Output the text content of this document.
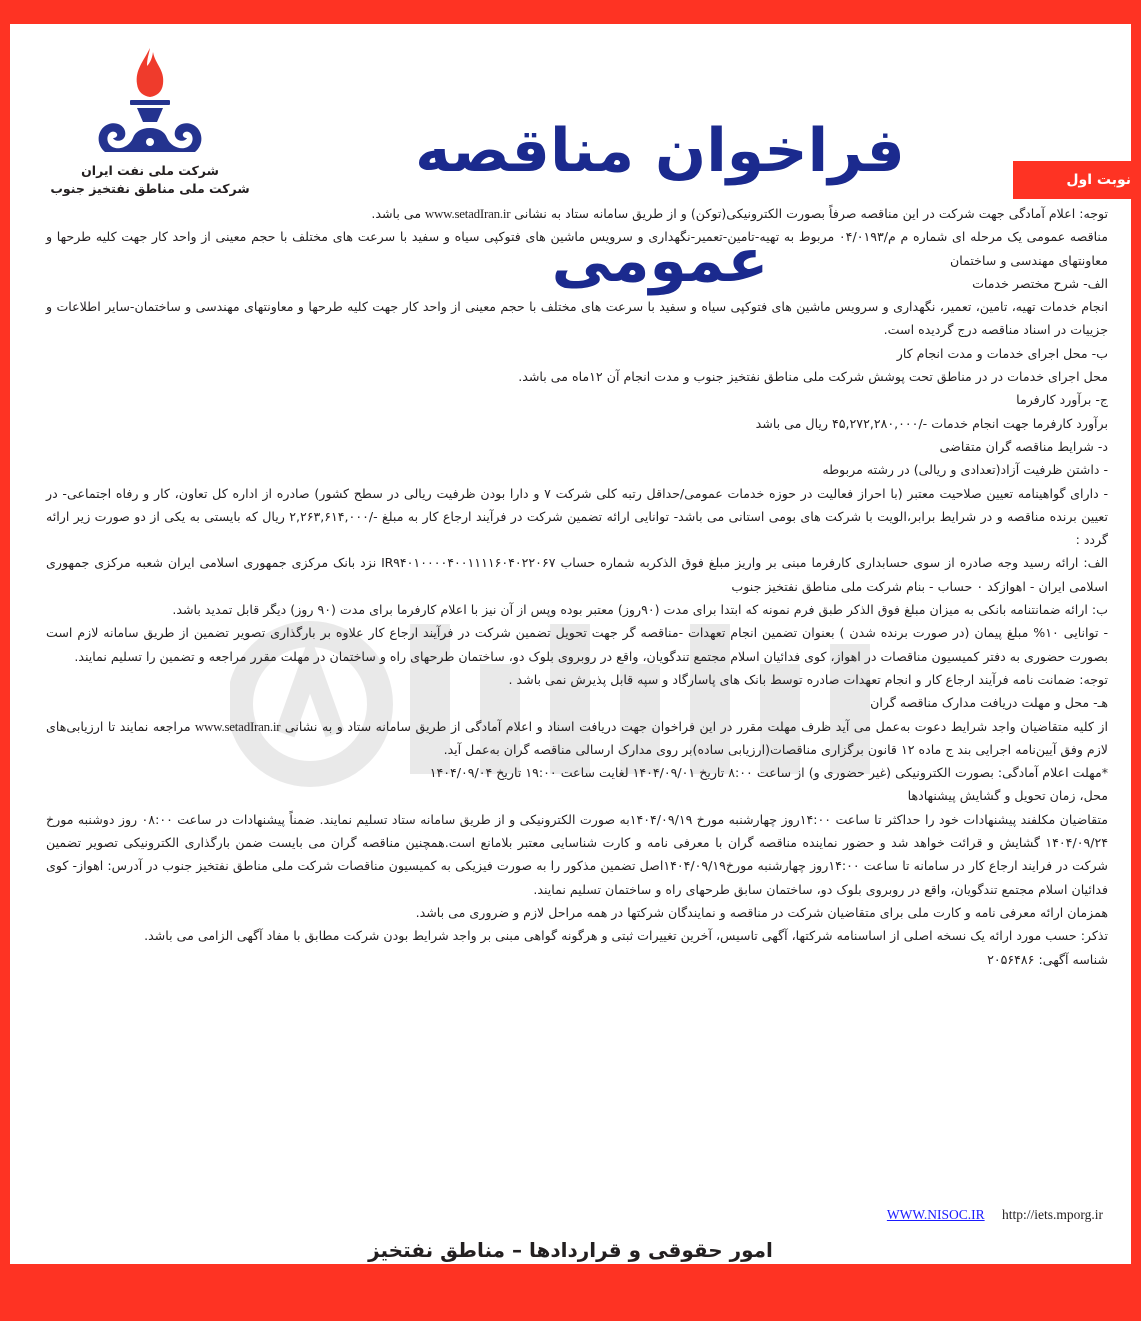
شرکت ملی نفت ایران
شرکت ملی مناطق نفتخیز جنوب
فراخوان مناقصه عمومی
نوبت اول

توجه: اعلام آمادگی جهت شرکت در این مناقصه صرفاً بصورت الکترونیکی(توکن) و از طریق سامانه ستاد به نشانی www.setadIran.ir می باشد.

مناقصه عمومی یک مرحله ای شماره م م/۰۴/۰۱۹۳ مربوط به تهیه-تامین-تعمیر-نگهداری و سرویس ماشین های فتوکپی سیاه و سفید با سرعت های مختلف با حجم معینی از واحد کار جهت کلیه طرحها و معاونتهای مهندسی و ساختمان

الف- شرح مختصر خدمات

انجام خدمات تهیه، تامین، تعمیر، نگهداری و سرویس ماشین های فتوکپی سیاه و سفید با سرعت های مختلف با حجم معینی از واحد کار جهت کلیه طرحها و معاونتهای مهندسی و ساختمان-سایر اطلاعات و جزییات در اسناد مناقصه درج گردیده است.

ب- محل اجرای خدمات و مدت انجام کار

محل اجرای خدمات در در مناطق تحت پوشش شرکت ملی مناطق نفتخیز جنوب و مدت انجام آن ۱۲ماه می باشد.

ج- برآورد کارفرما

برآورد کارفرما جهت انجام خدمات -/۴۵,۲۷۲,۲۸۰,۰۰۰ ریال می باشد

د- شرایط مناقصه گران متقاضی

- داشتن ظرفیت آزاد(تعدادی و ریالی) در رشته مربوطه

- دارای گواهینامه تعیین صلاحیت معتبر (با احراز فعالیت در حوزه خدمات عمومی/حداقل رتبه کلی شرکت ۷ و دارا بودن ظرفیت ریالی در سطح کشور) صادره از اداره کل تعاون، کار و رفاه اجتماعی- در تعیین برنده مناقصه و در شرایط برابر،الویت با شرکت های بومی استانی می باشد- توانایی ارائه تضمین شرکت در فرآیند ارجاع کار به مبلغ -/۲,۲۶۳,۶۱۴,۰۰۰ ریال که بایستی به یکی از دو صورت زیر ارائه گردد :

الف: ارائه رسید وجه صادره از سوی حسابداری کارفرما مبنی بر واریز مبلغ فوق الذکربه شماره حساب IR۹۴۰۱۰۰۰۰۴۰۰۱۱۱۱۶۰۴۰۲۲۰۶۷ نزد بانک مرکزی جمهوری اسلامی ایران شعبه مرکزی جمهوری اسلامی ایران - اهوازکد ۰ حساب - بنام شرکت ملی مناطق نفتخیز جنوب

ب: ارائه ضمانتنامه بانکی به میزان مبلغ فوق الذکر طبق فرم نمونه که ابتدا برای مدت (۹۰روز) معتبر بوده وپس از آن نیز با اعلام کارفرما برای مدت (۹۰ روز) دیگر قابل تمدید باشد.

- توانایی ۱۰% مبلغ پیمان (در صورت برنده شدن ) بعنوان تضمین انجام تعهدات -مناقصه گر جهت تحویل تضمین شرکت در فرآیند ارجاع کار علاوه بر بارگذاری تصویر تضمین از طریق سامانه لازم است بصورت حضوری به دفتر کمیسیون مناقصات در اهواز، کوی فدائیان اسلام مجتمع تندگویان، واقع در روبروی بلوک دو، ساختمان طرحهای راه و ساختمان در مهلت مقرر مراجعه و تضمین را تسلیم نمایند.

توجه: ضمانت نامه فرآیند ارجاع کار و انجام تعهدات صادره توسط بانک های پاسارگاد و سپه قابل پذیرش نمی باشد .

هـ- محل و مهلت دریافت مدارک مناقصه گران

از کلیه متقاضیان واجد شرایط دعوت به‌عمل می آید ظرف مهلت مقرر در این فراخوان جهت دریافت اسناد و اعلام آمادگی از طریق سامانه ستاد و به نشانی www.setadIran.ir مراجعه نمایند تا ارزیابی‌های لازم وفق آیین‌نامه اجرایی بند ج ماده ۱۲ قانون برگزاری مناقصات(ارزیابی ساده)بر روی مدارک ارسالی مناقصه گران به‌عمل آید.

*مهلت اعلام آمادگی: بصورت الکترونیکی (غیر حضوری و) از ساعت ۸:۰۰ تاریخ ۱۴۰۴/۰۹/۰۱ لغایت ساعت ۱۹:۰۰ تاریخ ۱۴۰۴/۰۹/۰۴

محل، زمان تحویل و گشایش پیشنهادها

متقاضیان مکلفند پیشنهادات خود را حداکثر تا ساعت ۱۴:۰۰روز چهارشنبه مورخ ۱۴۰۴/۰۹/۱۹به صورت الکترونیکی و از طریق سامانه ستاد تسلیم نمایند. ضمناً پیشنهادات در ساعت ۰۸:۰۰ روز دوشنبه مورخ ۱۴۰۴/۰۹/۲۴ گشایش و قرائت خواهد شد و حضور نماینده مناقصه گران با معرفی نامه و کارت شناسایی معتبر بلامانع است.همچنین مناقصه گران می بایست ضمن بارگذاری الکترونیکی تصویر تضمین شرکت در فرایند ارجاع کار در سامانه تا ساعت ۱۴:۰۰روز چهارشنبه مورخ۱۴۰۴/۰۹/۱۹اصل تضمین مذکور را به صورت فیزیکی به کمیسیون مناقصات شرکت ملی مناطق نفتخیز جنوب در آدرس: اهواز- کوی فدائیان اسلام مجتمع تندگویان، واقع در روبروی بلوک دو، ساختمان سابق طرحهای راه و ساختمان تسلیم نمایند.

همزمان ارائه معرفی نامه و کارت ملی برای متقاضیان شرکت در مناقصه و نمایندگان شرکتها در همه مراحل لازم و ضروری می باشد.

تذکر: حسب مورد ارائه یک نسخه اصلی از اساسنامه شرکتها، آگهی تاسیس، آخرین تغییرات ثبتی و هرگونه گواهی مبنی بر واجد شرایط بودن شرکت مطابق با مفاد آگهی الزامی می باشد.

شناسه آگهی: ۲۰۵۶۴۸۶

WWW.NISOC.IR http://iets.mporg.ir
امور حقوقی و قراردادها – مناطق نفتخیز
